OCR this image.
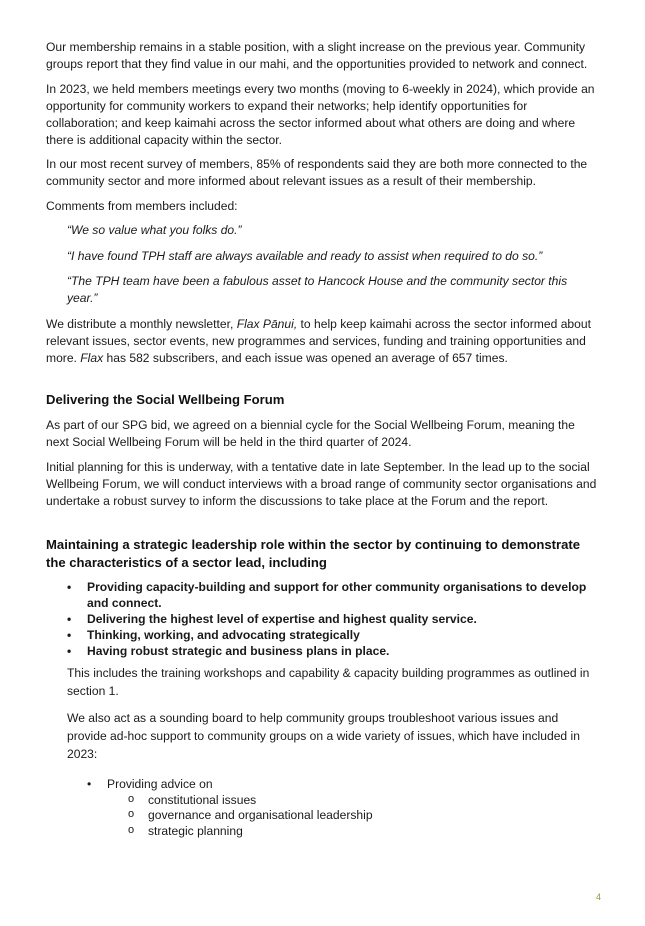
Our membership remains in a stable position, with a slight increase on the previous year. Community groups report that they find value in our mahi, and the opportunities provided to network and connect.

In 2023, we held members meetings every two months (moving to 6-weekly in 2024), which provide an opportunity for community workers to expand their networks; help identify opportunities for collaboration; and keep kaimahi across the sector informed about what others are doing and where there is additional capacity within the sector.

In our most recent survey of members, 85% of respondents said they are both more connected to the community sector and more informed about relevant issues as a result of their membership.

Comments from members included:

“We so value what you folks do.”

“I have found TPH staff are always available and ready to assist when required to do so.”

“The TPH team have been a fabulous asset to Hancock House and the community sector this year.”

We distribute a monthly newsletter, Flax Pānui, to help keep kaimahi across the sector informed about relevant issues, sector events, new programmes and services, funding and training opportunities and more. Flax has 582 subscribers, and each issue was opened an average of 657 times.

Delivering the Social Wellbeing Forum

As part of our SPG bid, we agreed on a biennial cycle for the Social Wellbeing Forum, meaning the next Social Wellbeing Forum will be held in the third quarter of 2024.

Initial planning for this is underway, with a tentative date in late September. In the lead up to the social Wellbeing Forum, we will conduct interviews with a broad range of community sector organisations and undertake a robust survey to inform the discussions to take place at the Forum and the report.

Maintaining a strategic leadership role within the sector by continuing to demonstrate the characteristics of a sector lead, including
• Providing capacity-building and support for other community organisations to develop and connect.
• Delivering the highest level of expertise and highest quality service.
• Thinking, working, and advocating strategically
• Having robust strategic and business plans in place.

This includes the training workshops and capability & capacity building programmes as outlined in section 1.

We also act as a sounding board to help community groups troubleshoot various issues and provide ad-hoc support to community groups on a wide variety of issues, which have included in 2023:

• Providing advice on
o constitutional issues
o governance and organisational leadership
o strategic planning
4
